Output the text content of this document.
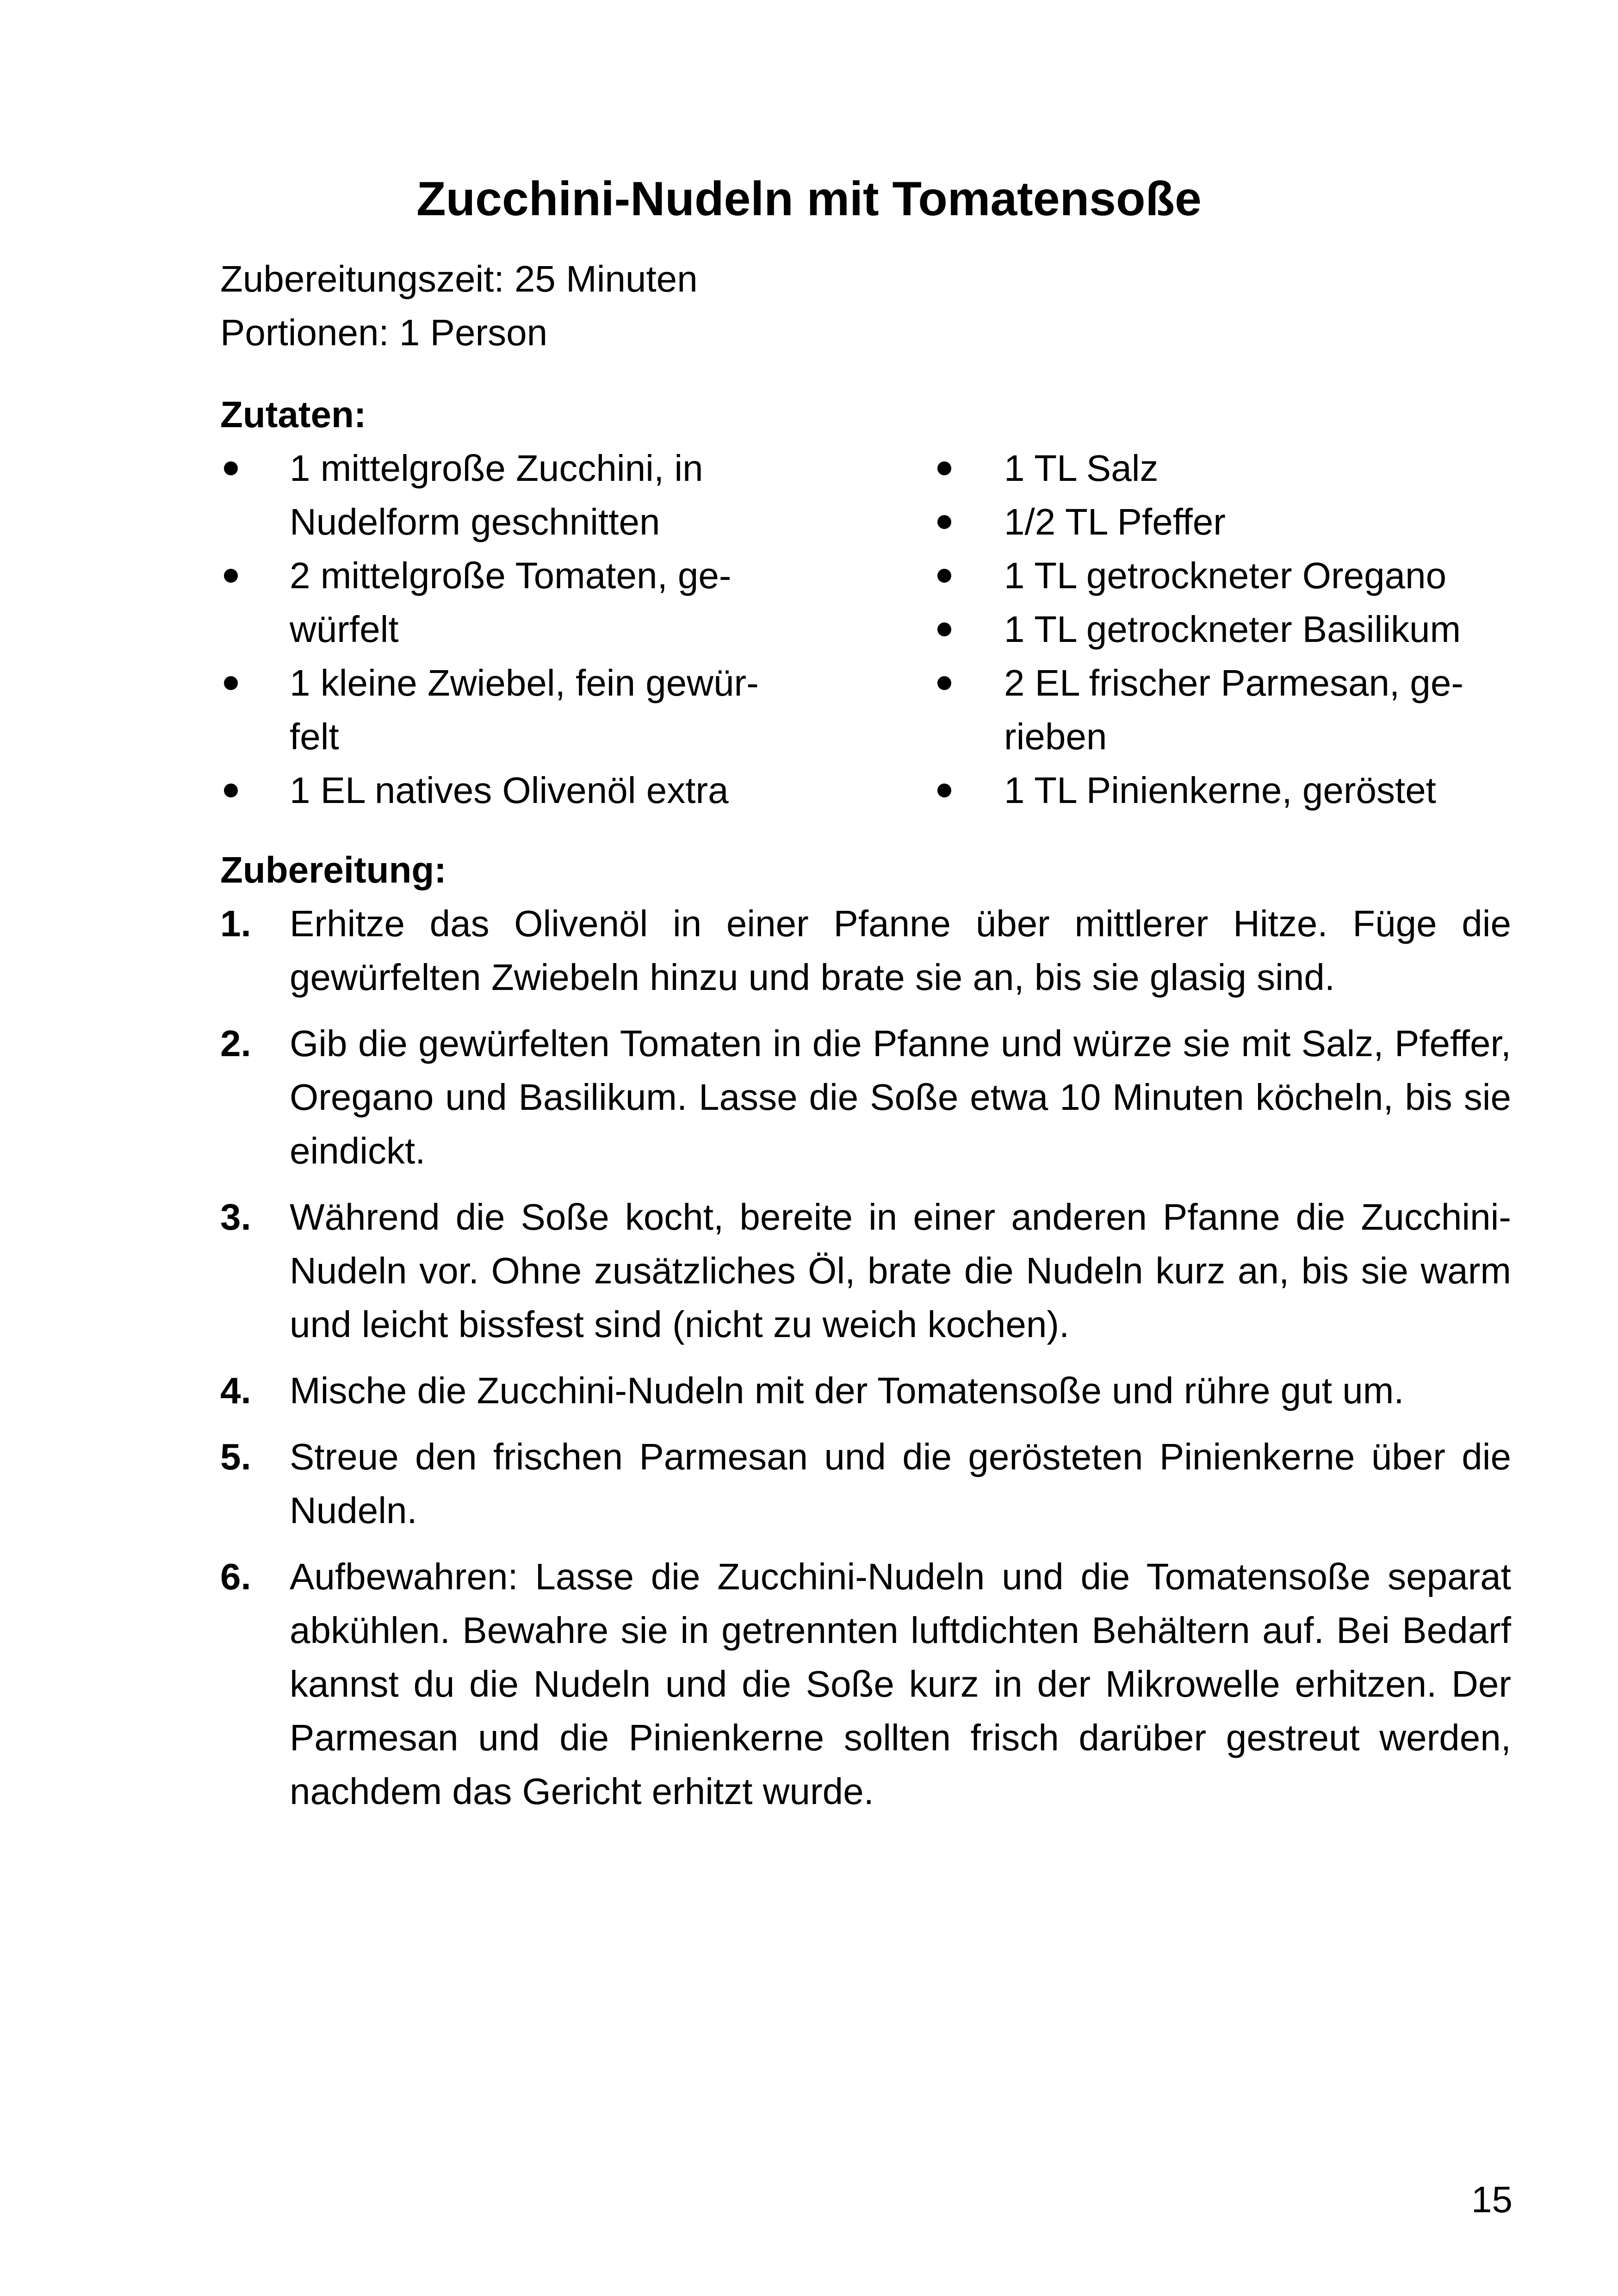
Zucchini-Nudeln mit Tomatensoße
Zubereitungszeit: 25 Minuten
Portionen: 1 Person
Zutaten:
1 mittelgroße Zucchini, in
Nudelform geschnitten
2 mittelgroße Tomaten, ge-
würfelt
1 kleine Zwiebel, fein gewür-
felt
1 EL natives Olivenöl extra
1 TL Salz
1/2 TL Pfeffer
1 TL getrockneter Oregano
1 TL getrockneter Basilikum
2 EL frischer Parmesan, ge-
rieben
1 TL Pinienkerne, geröstet
Zubereitung:
1. Erhitze das Olivenöl in einer Pfanne über mittlerer Hitze. Füge die gewürfelten Zwiebeln hinzu und brate sie an, bis sie glasig sind.
2. Gib die gewürfelten Tomaten in die Pfanne und würze sie mit Salz, Pfeffer, Oregano und Basilikum. Lasse die Soße etwa 10 Minuten köcheln, bis sie eindickt.
3. Während die Soße kocht, bereite in einer anderen Pfanne die Zucchini-Nudeln vor. Ohne zusätzliches Öl, brate die Nudeln kurz an, bis sie warm und leicht bissfest sind (nicht zu weich kochen).
4. Mische die Zucchini-Nudeln mit der Tomatensoße und rühre gut um.
5. Streue den frischen Parmesan und die gerösteten Pinienkerne über die Nudeln.
6. Aufbewahren: Lasse die Zucchini-Nudeln und die Tomatensoße separat abkühlen. Bewahre sie in getrennten luftdichten Behältern auf. Bei Bedarf kannst du die Nudeln und die Soße kurz in der Mikrowelle erhitzen. Der Parmesan und die Pinienkerne sollten frisch darüber gestreut werden, nachdem das Gericht erhitzt wurde.
15
